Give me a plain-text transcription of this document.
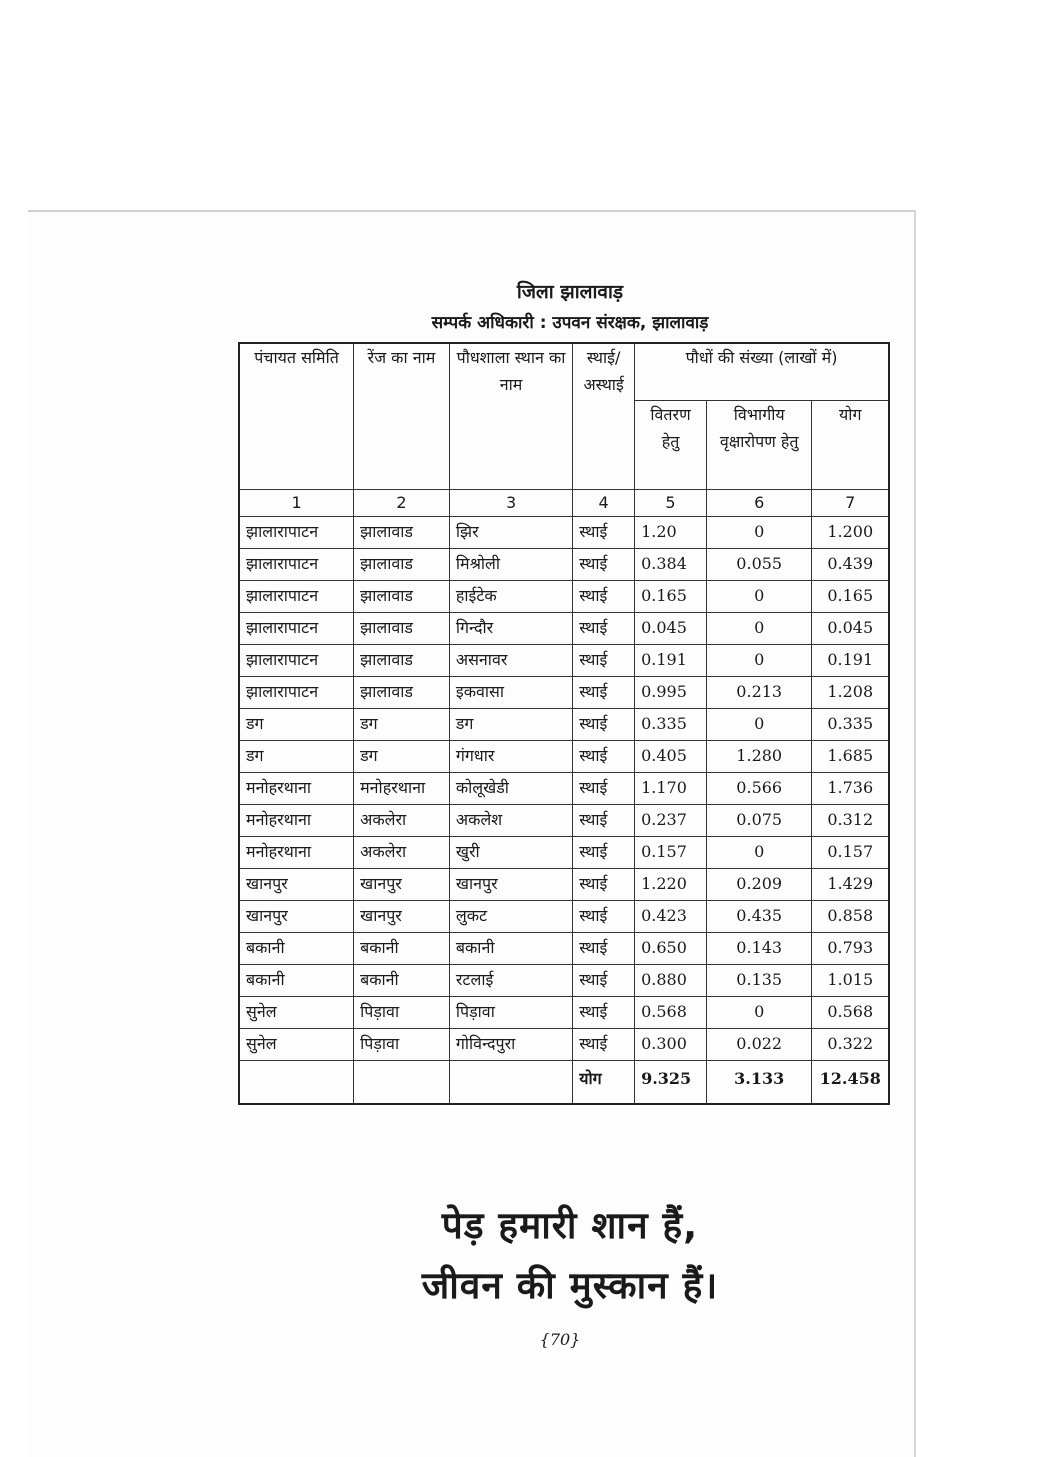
जिला झालावाड़
सम्पर्क अधिकारी : उपवन संरक्षक, झालावाड़
पंचायत समिति	रेंज का नाम	पौधशाला स्थान का नाम	स्थाई/ अस्थाई	पौधों की संख्या (लाखों में)		
				वितरण हेतु	विभागीय वृक्षारोपण हेतु	योग
1	2	3	4	5	6	7
झालारापाटन	झालावाड	झिर	स्थाई	1.20	0	1.200
झालारापाटन	झालावाड	मिश्रोली	स्थाई	0.384	0.055	0.439
झालारापाटन	झालावाड	हाईटेक	स्थाई	0.165	0	0.165
झालारापाटन	झालावाड	गिन्दौर	स्थाई	0.045	0	0.045
झालारापाटन	झालावाड	असनावर	स्थाई	0.191	0	0.191
झालारापाटन	झालावाड	इकवासा	स्थाई	0.995	0.213	1.208
डग	डग	डग	स्थाई	0.335	0	0.335
डग	डग	गंगधार	स्थाई	0.405	1.280	1.685
मनोहरथाना	मनोहरथाना	कोलूखेडी	स्थाई	1.170	0.566	1.736
मनोहरथाना	अकलेरा	अकलेश	स्थाई	0.237	0.075	0.312
मनोहरथाना	अकलेरा	खुरी	स्थाई	0.157	0	0.157
खानपुर	खानपुर	खानपुर	स्थाई	1.220	0.209	1.429
खानपुर	खानपुर	लुकट	स्थाई	0.423	0.435	0.858
बकानी	बकानी	बकानी	स्थाई	0.650	0.143	0.793
बकानी	बकानी	रटलाई	स्थाई	0.880	0.135	1.015
सुनेल	पिड़ावा	पिड़ावा	स्थाई	0.568	0	0.568
सुनेल	पिड़ावा	गोविन्दपुरा	स्थाई	0.300	0.022	0.322
			योग	9.325	3.133	12.458
पेड़ हमारी शान हैं,
जीवन की मुस्कान हैं।
{70}
